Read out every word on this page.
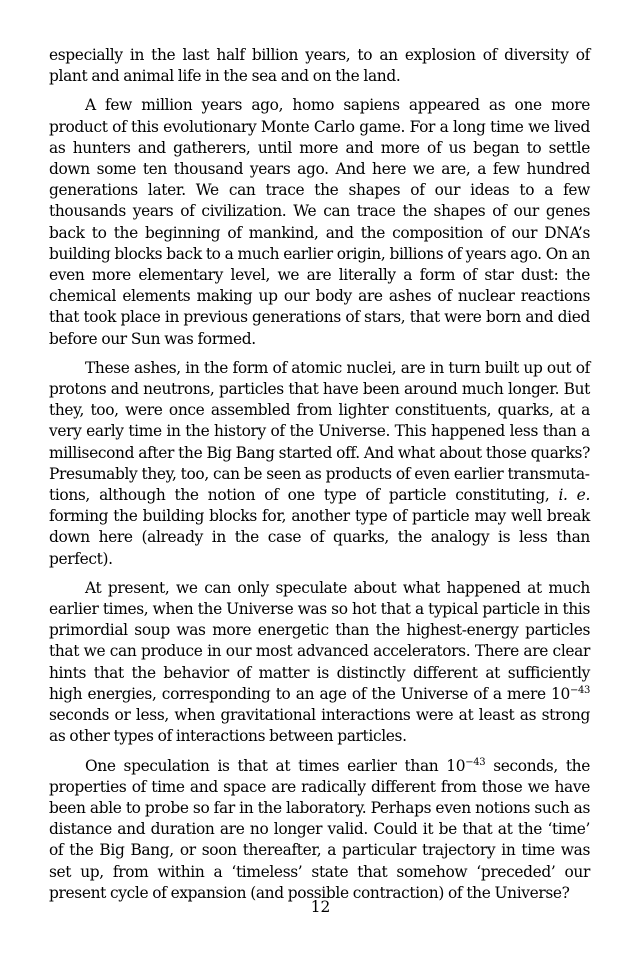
especially in the last half billion years, to an explosion of diversity of plant and animal life in the sea and on the land.

A few million years ago, homo sapiens appeared as one more product of this evolutionary Monte Carlo game. For a long time we lived as hunters and gatherers, until more and more of us began to settle down some ten thousand years ago. And here we are, a few hundred generations later. We can trace the shapes of our ideas to a few thousands years of civilization. We can trace the shapes of our genes back to the beginning of mankind, and the composition of our DNA’s building blocks back to a much earlier origin, billions of years ago. On an even more elementary level, we are literally a form of star dust: the chemical elements making up our body are ashes of nuclear reactions that took place in previous generations of stars, that were born and died before our Sun was formed.

These ashes, in the form of atomic nuclei, are in turn built up out of protons and neutrons, particles that have been around much longer. But they, too, were once assembled from lighter constituents, quarks, at a very early time in the history of the Universe. This happened less than a millisecond after the Big Bang started off. And what about those quarks? Presumably they, too, can be seen as products of even earlier transmutations, although the notion of one type of particle constituting, i. e. forming the building blocks for, another type of particle may well break down here (already in the case of quarks, the analogy is less than perfect).

At present, we can only speculate about what happened at much earlier times, when the Universe was so hot that a typical particle in this primordial soup was more energetic than the highest-energy particles that we can produce in our most advanced accelerators. There are clear hints that the behavior of matter is distinctly different at sufficiently high energies, corresponding to an age of the Universe of a mere $10^{-43}$ seconds or less, when gravitational interactions were at least as strong as other types of interactions between particles.

One speculation is that at times earlier than $10^{-43}$ seconds, the properties of time and space are radically different from those we have been able to probe so far in the laboratory. Perhaps even notions such as distance and duration are no longer valid. Could it be that at the ‘time’ of the Big Bang, or soon thereafter, a particular trajectory in time was set up, from within a ‘timeless’ state that somehow ‘preceded’ our present cycle of expansion (and possible contraction) of the Universe?

12
